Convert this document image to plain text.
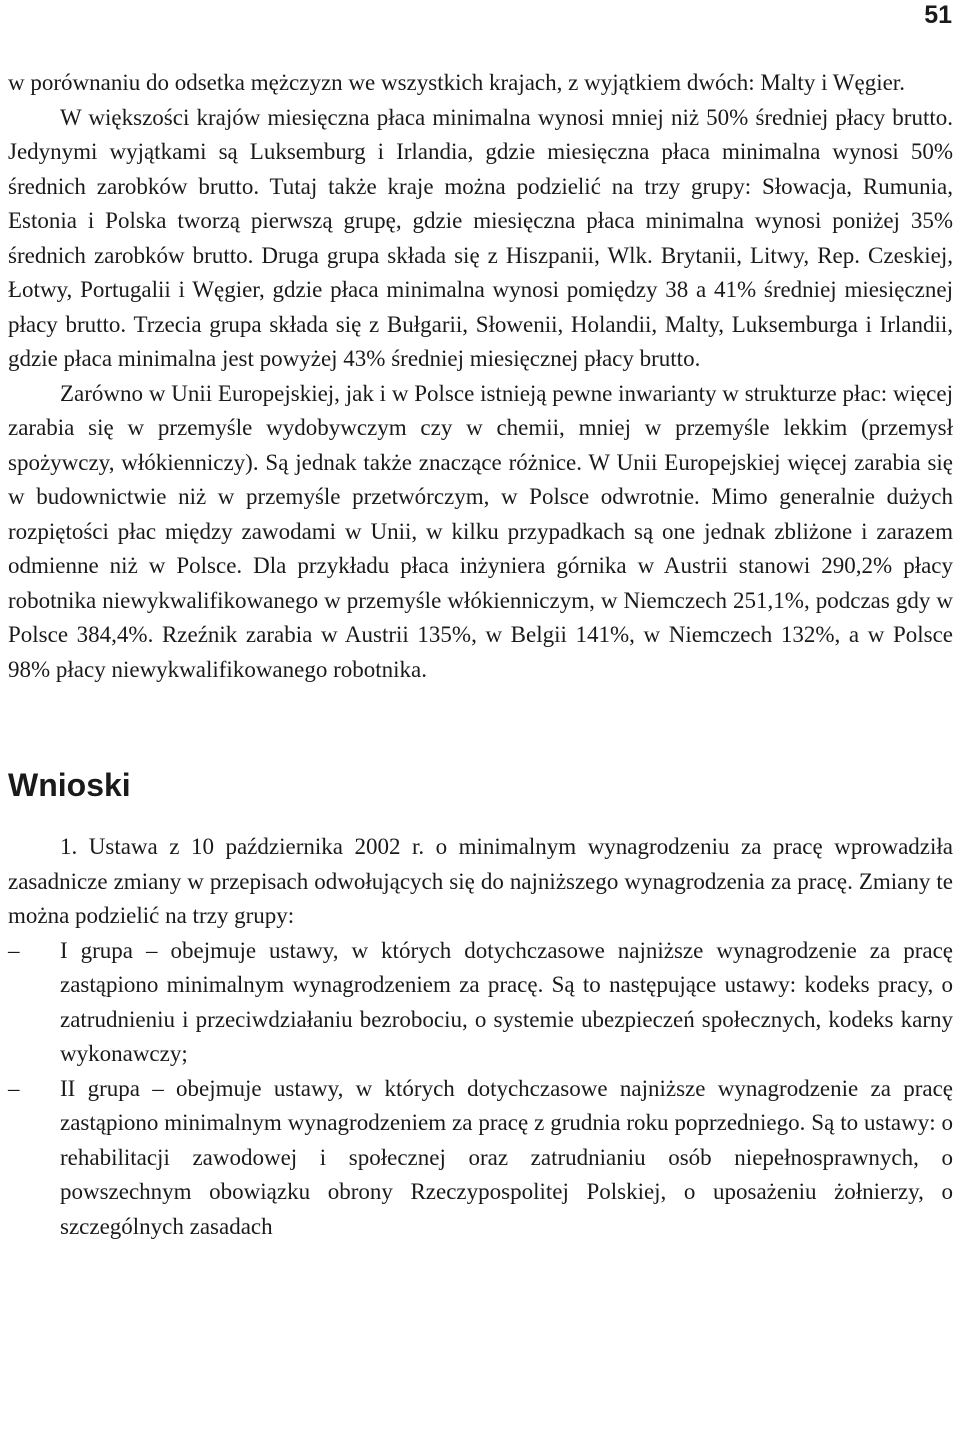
51

w porównaniu do odsetka mężczyzn we wszystkich krajach, z wyjątkiem dwóch: Malty i Węgier.

W większości krajów miesięczna płaca minimalna wynosi mniej niż 50% średniej płacy brutto. Jedynymi wyjątkami są Luksemburg i Irlandia, gdzie miesięczna płaca minimalna wynosi 50% średnich zarobków brutto. Tutaj także kraje można podzielić na trzy grupy: Słowacja, Rumunia, Estonia i Polska tworzą pierwszą grupę, gdzie miesięczna płaca minimalna wynosi poniżej 35% średnich zarobków brutto. Druga grupa składa się z Hiszpanii, Wlk. Brytanii, Litwy, Rep. Czeskiej, Łotwy, Portugalii i Węgier, gdzie płaca minimalna wynosi pomiędzy 38 a 41% średniej miesięcznej płacy brutto. Trzecia grupa składa się z Bułgarii, Słowenii, Holandii, Malty, Luksemburga i Irlandii, gdzie płaca minimalna jest powyżej 43% średniej miesięcznej płacy brutto.

Zarówno w Unii Europejskiej, jak i w Polsce istnieją pewne inwarianty w strukturze płac: więcej zarabia się w przemyśle wydobywczym czy w chemii, mniej w przemyśle lekkim (przemysł spożywczy, włókienniczy). Są jednak także znaczące różnice. W Unii Europejskiej więcej zarabia się w budownictwie niż w przemyśle przetwórczym, w Polsce odwrotnie. Mimo generalnie dużych rozpiętości płac między zawodami w Unii, w kilku przypadkach są one jednak zbliżone i zarazem odmienne niż w Polsce. Dla przykładu płaca inżyniera górnika w Austrii stanowi 290,2% płacy robotnika niewykwalifikowanego w przemyśle włókienniczym, w Niemczech 251,1%, podczas gdy w Polsce 384,4%. Rzeźnik zarabia w Austrii 135%, w Belgii 141%, w Niemczech 132%, a w Polsce 98% płacy niewykwalifikowanego robotnika.

Wnioski

1. Ustawa z 10 października 2002 r. o minimalnym wynagrodzeniu za pracę wprowadziła zasadnicze zmiany w przepisach odwołujących się do najniższego wynagrodzenia za pracę. Zmiany te można podzielić na trzy grupy:

– I grupa – obejmuje ustawy, w których dotychczasowe najniższe wynagrodzenie za pracę zastąpiono minimalnym wynagrodzeniem za pracę. Są to następujące ustawy: kodeks pracy, o zatrudnieniu i przeciwdziałaniu bezrobociu, o systemie ubezpieczeń społecznych, kodeks karny wykonawczy;
– II grupa – obejmuje ustawy, w których dotychczasowe najniższe wynagrodzenie za pracę zastąpiono minimalnym wynagrodzeniem za pracę z grudnia roku poprzedniego. Są to ustawy: o rehabilitacji zawodowej i społecznej oraz zatrudnianiu osób niepełnosprawnych, o powszechnym obowiązku obrony Rzeczypospolitej Polskiej, o uposażeniu żołnierzy, o szczególnych zasadach
